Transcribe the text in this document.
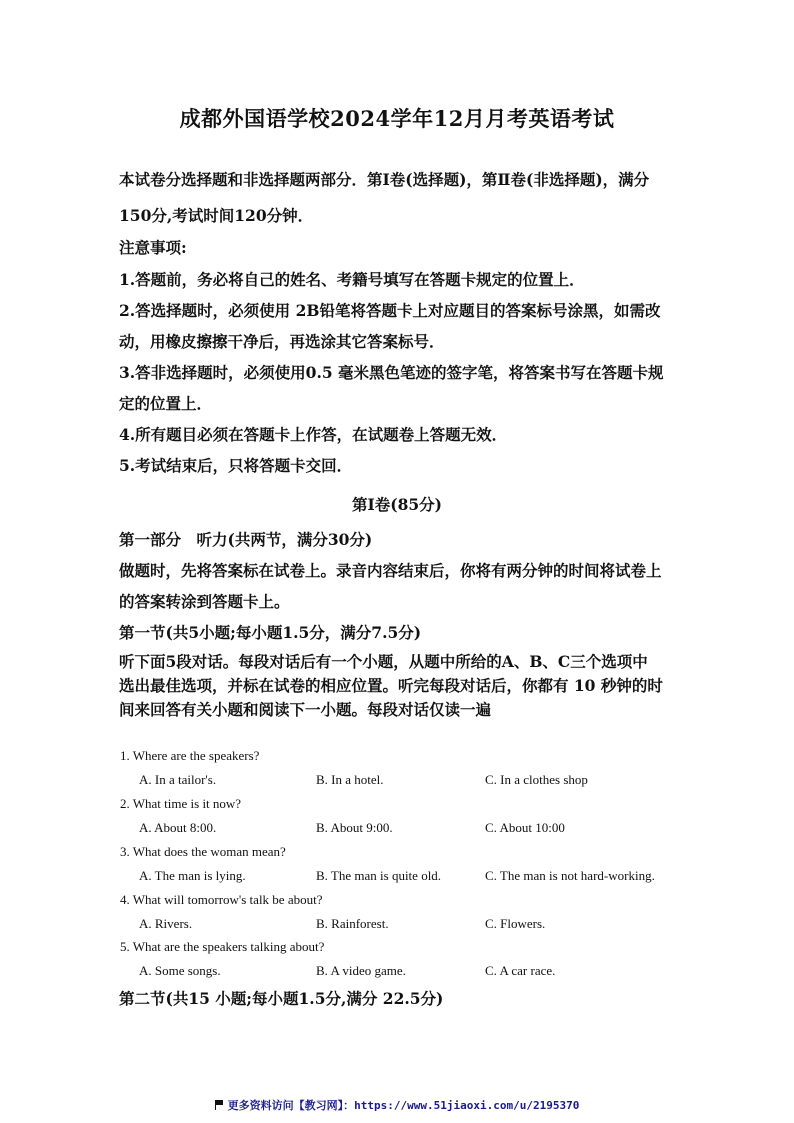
成都外国语学校2024学年12月月考英语考试
本试卷分选择题和非选择题两部分．第Ⅰ卷(选择题)，第Ⅱ卷(非选择题)，满分
150分,考试时间120分钟．
注意事项:
1.答题前，务必将自己的姓名、考籍号填写在答题卡规定的位置上．
2.答选择题时，必须使用 2B铅笔将答题卡上对应题目的答案标号涂黑，如需改
动，用橡皮擦擦干净后，再选涂其它答案标号．
3.答非选择题时，必须使用0.5 毫米黑色笔迹的签字笔，将答案书写在答题卡规
定的位置上．
4.所有题目必须在答题卡上作答，在试题卷上答题无效．
5.考试结束后，只将答题卡交回．
第Ⅰ卷(85分)
第一部分　听力(共两节，满分30分)
做题时，先将答案标在试卷上。录音内容结束后，你将有两分钟的时间将试卷上
的答案转涂到答题卡上。
第一节(共5小题;每小题1.5分，满分7.5分)
听下面5段对话。每段对话后有一个小题，从题中所给的A、B、C三个选项中
选出最佳选项，并标在试卷的相应位置。听完每段对话后，你都有 10 秒钟的时
间来回答有关小题和阅读下一小题。每段对话仅读一遍
1. Where are the speakers?
A. In a tailor's.	B. In a hotel.	C. In a clothes shop
2. What time is it now?
A. About 8:00.	B. About 9:00.	C. About 10:00
3. What does the woman mean?
A. The man is lying.	B. The man is quite old.	C. The man is not hard-working.
4. What will tomorrow's talk be about?
A. Rivers.	B. Rainforest.	C. Flowers.
5. What are the speakers talking about?
A. Some songs.	B. A video game.	C. A car race.
第二节(共15 小题;每小题1.5分,满分 22.5分)
更多资料访问【教习网】：https://www.51jiaoxi.com/u/2195370
